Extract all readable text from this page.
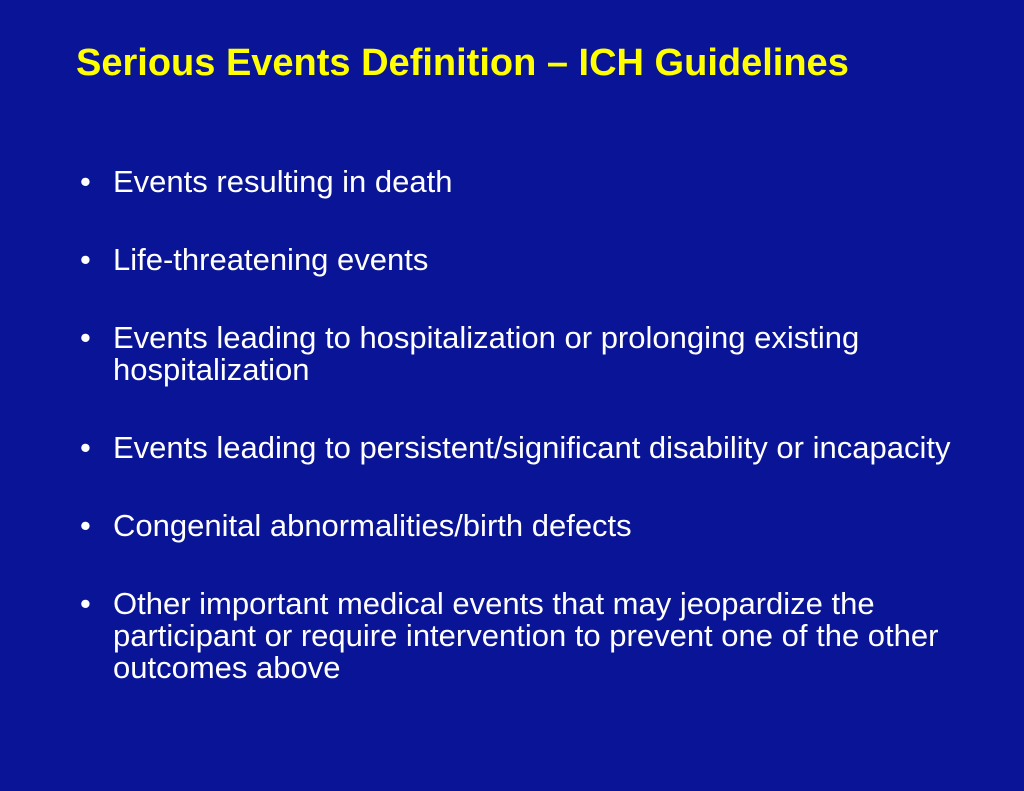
Serious Events Definition – ICH Guidelines
• Events resulting in death
• Life-threatening events
• Events leading to hospitalization or prolonging existing hospitalization
• Events leading to persistent/significant disability or incapacity
• Congenital abnormalities/birth defects
• Other important medical events that may jeopardize the participant or require intervention to prevent one of the other outcomes above
